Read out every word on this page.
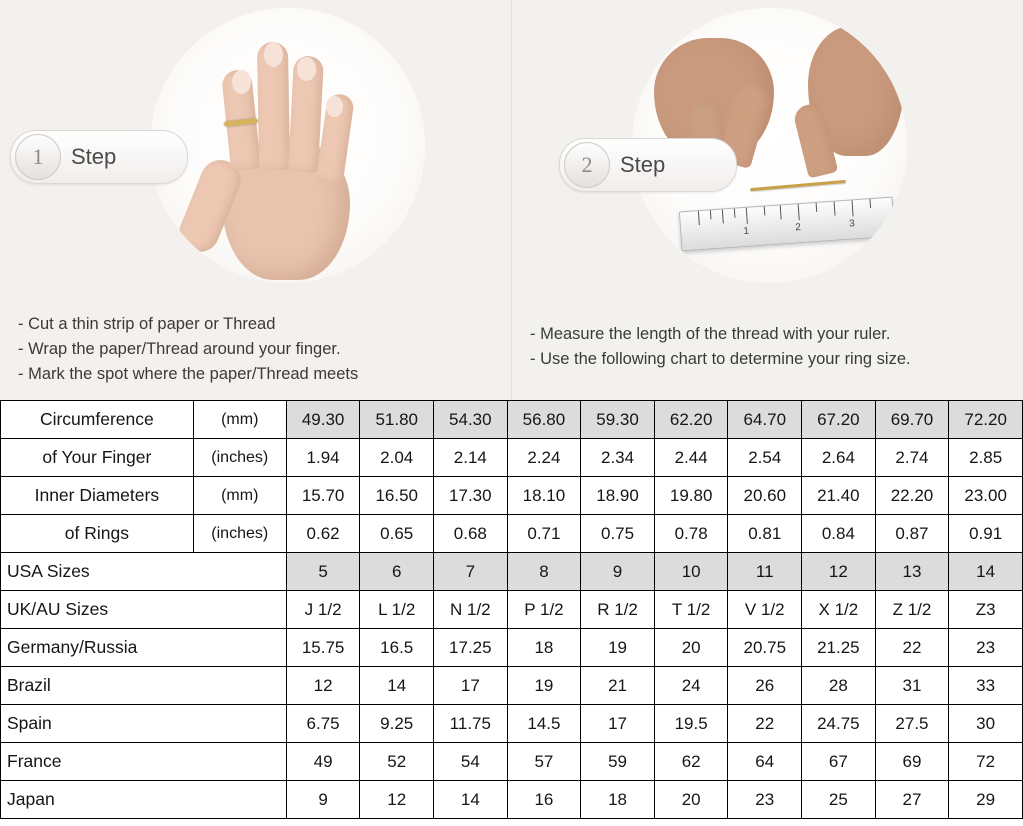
1	Step
- Cut a thin strip of paper or Thread
- Wrap the paper/Thread around your finger.
- Mark the spot where the paper/Thread meets
1	2	3
2	Step
- Measure the length of the thread with your ruler.
- Use the following chart to determine your ring size.
Circumference	(mm)	49.30	51.80	54.30	56.80	59.30	62.20	64.70	67.20	69.70	72.20
of Your Finger	(inches)	1.94	2.04	2.14	2.24	2.34	2.44	2.54	2.64	2.74	2.85
Inner Diameters	(mm)	15.70	16.50	17.30	18.10	18.90	19.80	20.60	21.40	22.20	23.00
of Rings	(inches)	0.62	0.65	0.68	0.71	0.75	0.78	0.81	0.84	0.87	0.91
USA Sizes		5	6	7	8	9	10	11	12	13	14
UK/AU Sizes		J 1/2	L 1/2	N 1/2	P 1/2	R 1/2	T 1/2	V 1/2	X 1/2	Z 1/2	Z3
Germany/Russia		15.75	16.5	17.25	18	19	20	20.75	21.25	22	23
Brazil		12	14	17	19	21	24	26	28	31	33
Spain		6.75	9.25	11.75	14.5	17	19.5	22	24.75	27.5	30
France		49	52	54	57	59	62	64	67	69	72
Japan		9	12	14	16	18	20	23	25	27	29
